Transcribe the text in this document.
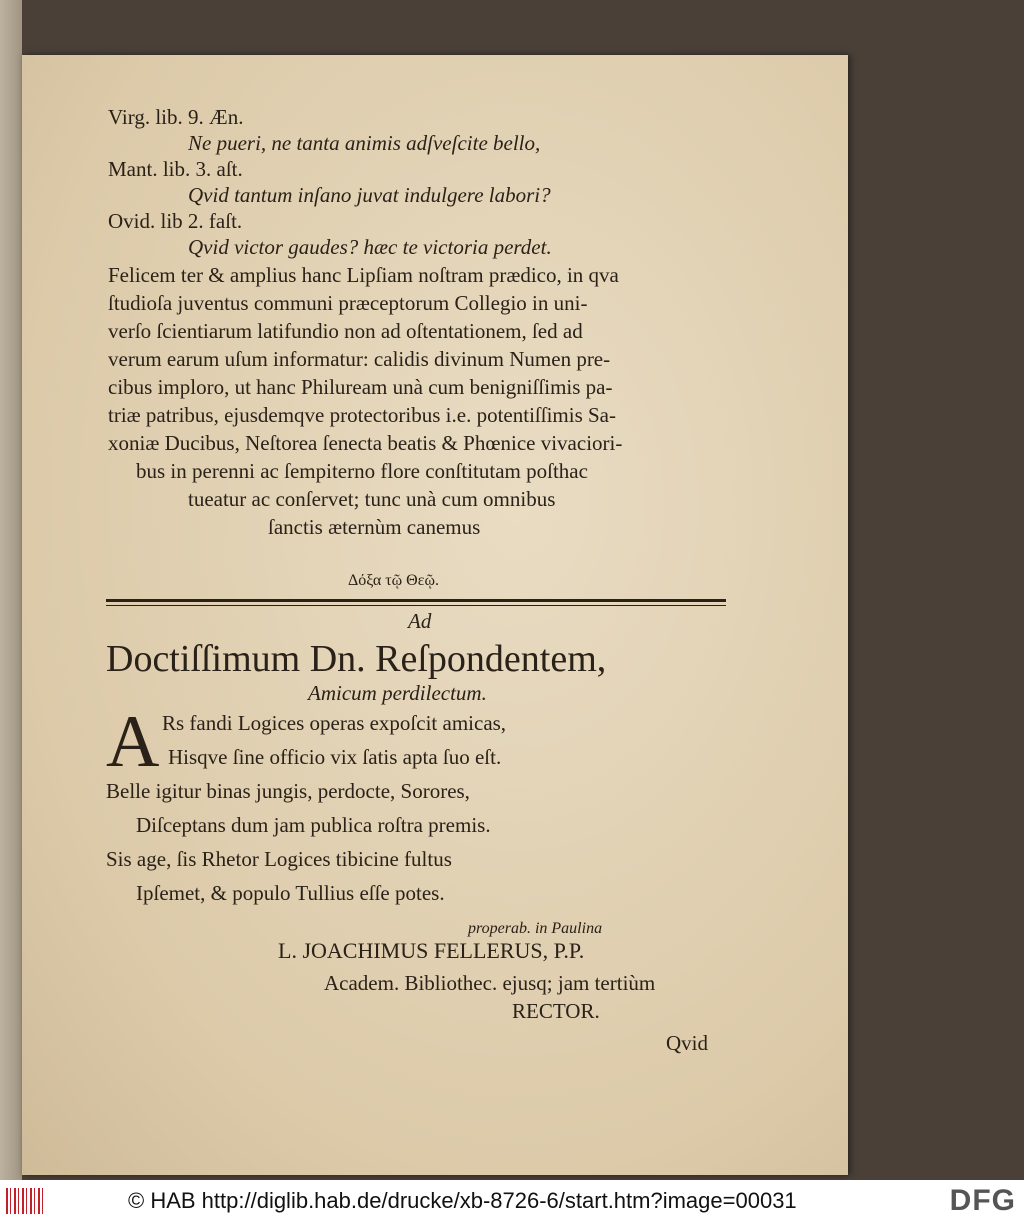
Virg. lib. 9. Æn.
Ne pueri, ne tanta animis adſveſcite bello,
Mant. lib. 3. aſt.
Qvid tantum inſano juvat indulgere labori?
Ovid. lib 2. faſt.
Qvid victor gaudes? hæc te victoria perdet.
Felicem ter & amplius hanc Lipſiam noſtram prædico, in qva
ſtudioſa juventus communi præceptorum Collegio in uni-
verſo ſcientiarum latifundio non ad oſtentationem, ſed ad
verum earum uſum informatur: calidis divinum Numen pre-
cibus imploro, ut hanc Philuream unà cum benigniſſimis pa-
triæ patribus, ejusdemqve protectoribus i.e. potentiſſimis Sa-
xoniæ Ducibus, Neſtorea ſenecta beatis & Phœnice vivaciori-
bus in perenni ac ſempiterno flore conſtitutam poſthac
tueatur ac conſervet; tunc unà cum omnibus
ſanctis æternùm canemus
Δόξα τῷ Θεῷ.
Ad
Doctiſſimum Dn. Reſpondentem,
Amicum perdilectum.
A Rs fandi Logices operas expoſcit amicas,
Hisqve ſine officio vix ſatis apta ſuo eſt.
Belle igitur binas jungis, perdocte, Sorores,
Diſceptans dum jam publica roſtra premis.
Sis age, ſis Rhetor Logices tibicine fultus
Ipſemet, & populo Tullius eſſe potes.
properab. in Paulina
L. JOACHIMUS FELLERUS, P.P.
Academ. Bibliothec. ejusq; jam tertiùm
RECTOR.
Qvid
© HAB http://diglib.hab.de/drucke/xb-8726-6/start.htm?image=00031	DFG
